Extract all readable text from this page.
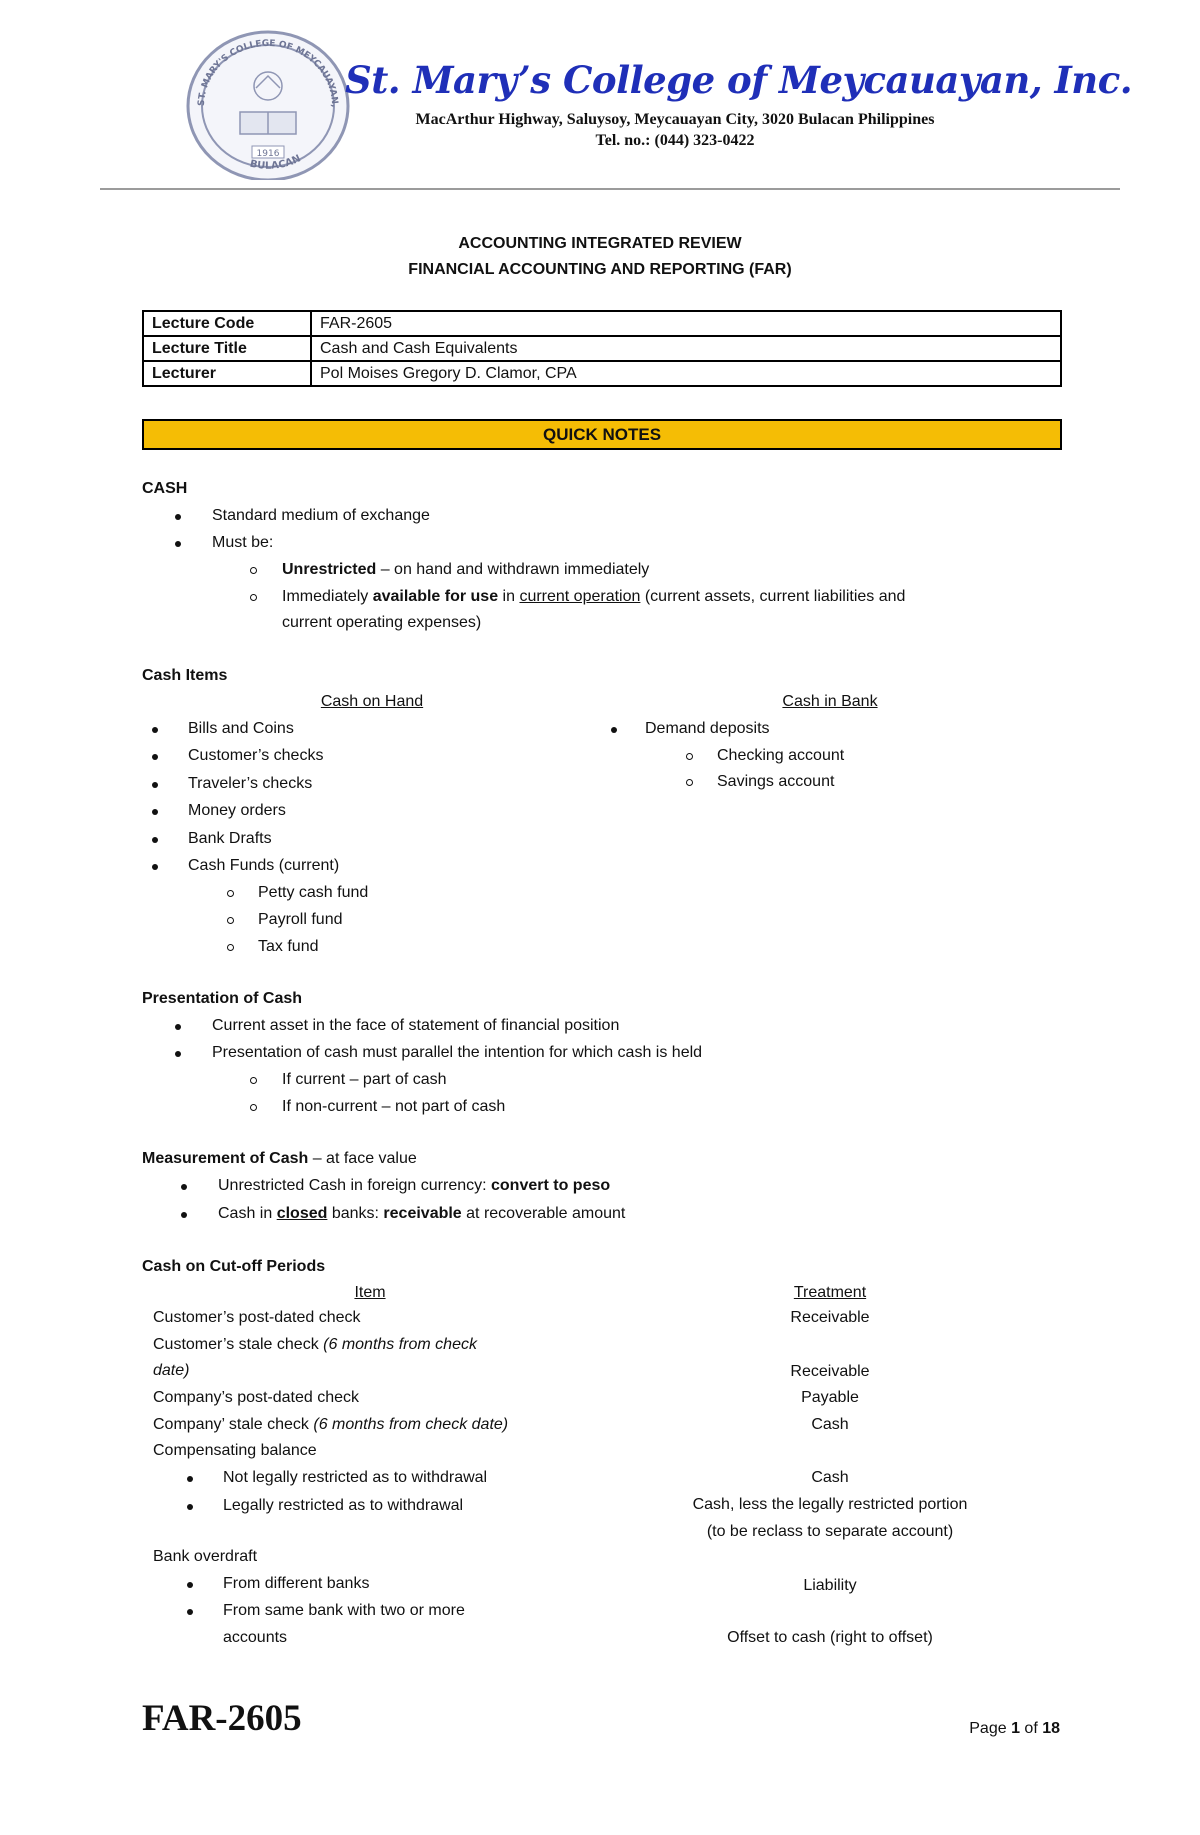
ST. MARY'S COLLEGE OF MEYCAUAYAN,
BULACAN
1916
St. Mary’s College of Meycauayan, Inc.
MacArthur Highway, Saluysoy, Meycauayan City, 3020 Bulacan Philippines
Tel. no.: (044) 323-0422
ACCOUNTING INTEGRATED REVIEW
FINANCIAL ACCOUNTING AND REPORTING (FAR)
Lecture Code	FAR-2605
Lecture Title	Cash and Cash Equivalents
Lecturer	Pol Moises Gregory D. Clamor, CPA
QUICK NOTES
CASH
Standard medium of exchange
Must be:
Unrestricted – on hand and withdrawn immediately
Immediately available for use in current operation (current assets, current liabilities and
current operating expenses)
Cash Items
Cash on Hand	Cash in Bank
Bills and Coins
Customer’s checks
Traveler’s checks
Money orders
Bank Drafts
Cash Funds (current)
Petty cash fund
Payroll fund
Tax fund
Demand deposits
Checking account
Savings account
Presentation of Cash
Current asset in the face of statement of financial position
Presentation of cash must parallel the intention for which cash is held
If current – part of cash
If non-current – not part of cash
Measurement of Cash – at face value
Unrestricted Cash in foreign currency: convert to peso
Cash in closed banks: receivable at recoverable amount
Cash on Cut-off Periods
Item	Treatment
Customer’s post-dated check	Receivable
Customer’s stale check (6 months from check
date)	Receivable
Company’s post-dated check	Payable
Company’ stale check (6 months from check date)	Cash
Compensating balance
Not legally restricted as to withdrawal	Cash
Legally restricted as to withdrawal	Cash, less the legally restricted portion
(to be reclass to separate account)
Bank overdraft
From different banks	Liability
From same bank with two or more
accounts	Offset to cash (right to offset)
FAR-2605	Page 1 of 18
